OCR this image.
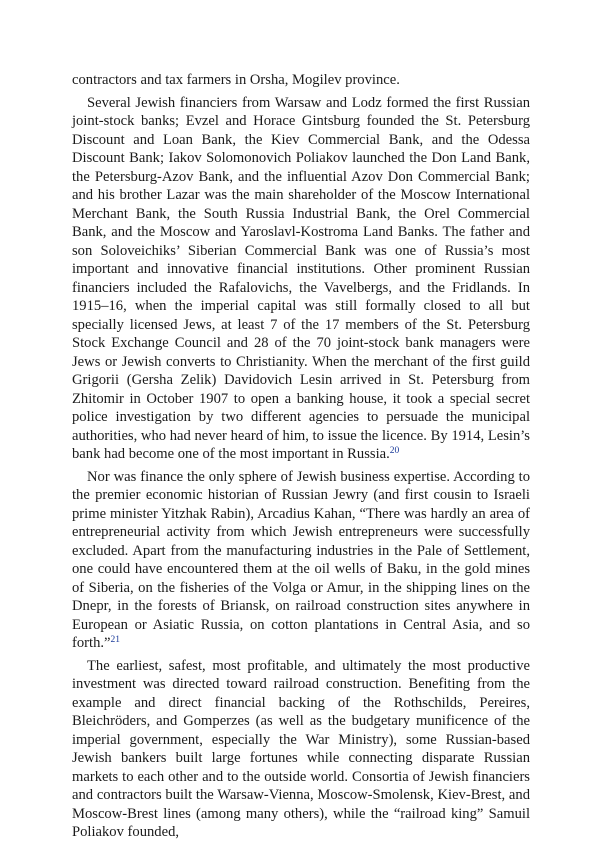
contractors and tax farmers in Orsha, Mogilev province.

Several Jewish financiers from Warsaw and Lodz formed the first Russian joint-stock banks; Evzel and Horace Gintsburg founded the St. Petersburg Discount and Loan Bank, the Kiev Commercial Bank, and the Odessa Discount Bank; Iakov Solomonovich Poliakov launched the Don Land Bank, the Petersburg-Azov Bank, and the influential Azov Don Commercial Bank; and his brother Lazar was the main shareholder of the Moscow International Merchant Bank, the South Russia Industrial Bank, the Orel Commercial Bank, and the Moscow and Yaroslavl-Kostroma Land Banks. The father and son Soloveichiks’ Siberian Commercial Bank was one of Russia’s most important and innovative financial institutions. Other prominent Russian financiers included the Rafalovichs, the Vavelbergs, and the Fridlands. In 1915–16, when the imperial capital was still formally closed to all but specially licensed Jews, at least 7 of the 17 members of the St. Petersburg Stock Exchange Council and 28 of the 70 joint-stock bank managers were Jews or Jewish converts to Christianity. When the merchant of the first guild Grigorii (Gersha Zelik) Davidovich Lesin arrived in St. Petersburg from Zhitomir in October 1907 to open a banking house, it took a special secret police investigation by two different agencies to persuade the municipal authorities, who had never heard of him, to issue the licence. By 1914, Lesin’s bank had become one of the most important in Russia.$^{20}$

Nor was finance the only sphere of Jewish business expertise. According to the premier economic historian of Russian Jewry (and first cousin to Israeli prime minister Yitzhak Rabin), Arcadius Kahan, “There was hardly an area of entrepreneurial activity from which Jewish entrepreneurs were successfully excluded. Apart from the manufacturing industries in the Pale of Settlement, one could have encountered them at the oil wells of Baku, in the gold mines of Siberia, on the fisheries of the Volga or Amur, in the shipping lines on the Dnepr, in the forests of Briansk, on railroad construction sites anywhere in European or Asiatic Russia, on cotton plantations in Central Asia, and so forth.”$^{21}$

The earliest, safest, most profitable, and ultimately the most productive investment was directed toward railroad construction. Benefiting from the example and direct financial backing of the Rothschilds, Pereires, Bleichröders, and Gomperzes (as well as the budgetary munificence of the imperial government, especially the War Ministry), some Russian-based Jewish bankers built large fortunes while connecting disparate Russian markets to each other and to the outside world. Consortia of Jewish financiers and contractors built the Warsaw-Vienna, Moscow-Smolensk, Kiev-Brest, and Moscow-Brest lines (among many others), while the “railroad king” Samuil Poliakov founded,
